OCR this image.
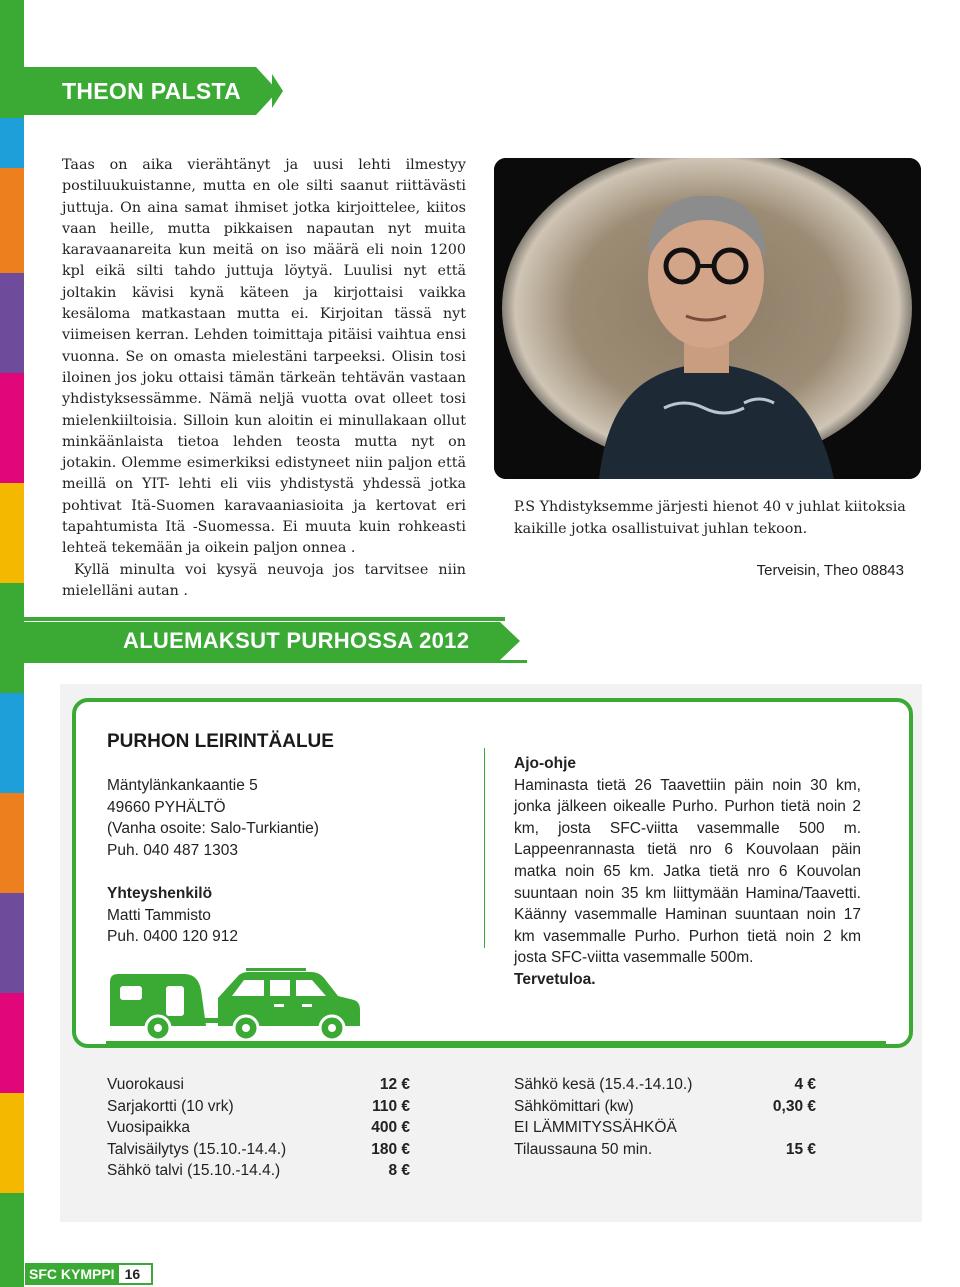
THEON PALSTA

Taas on aika vierähtänyt ja uusi lehti ilmestyy postiluukuistanne, mutta en ole silti saanut riittävästi juttuja. On aina samat ihmiset jotka kirjoittelee, kiitos vaan heille, mutta pikkaisen napautan nyt muita karavaanareita kun meitä on iso määrä eli noin 1200 kpl eikä silti tahdo juttuja löytyä. Luulisi nyt että joltakin kävisi kynä käteen ja kirjottaisi vaikka kesäloma matkastaan mutta ei. Kirjoitan tässä nyt viimeisen kerran. Lehden toimittaja pitäisi vaihtua ensi vuonna. Se on omasta mielestäni tarpeeksi. Olisin tosi iloinen jos joku ottaisi tämän tärkeän tehtävän vastaan yhdistyksessämme. Nämä neljä vuotta ovat olleet tosi mielenkiiltoisia. Silloin kun aloitin ei minullakaan ollut minkäänlaista tietoa lehden teosta mutta nyt on jotakin. Olemme esimerkiksi edistyneet niin paljon että meillä on YIT- lehti eli viis yhdistystä yhdessä jotka pohtivat Itä-Suomen karavaaniasioita ja kertovat eri tapahtumista Itä -Suomessa. Ei muuta kuin rohkeasti lehteä tekemään ja oikein paljon onnea .

Kyllä minulta voi kysyä neuvoja jos tarvitsee niin mielelläni autan .

P.S Yhdistyksemme järjesti hienot 40 v juhlat kiitoksia kaikille jotka osallistuivat juhlan tekoon.
Terveisin, Theo 08843
ALUEMAKSUT PURHOSSA 2012
PURHON LEIRINTÄALUE
Mäntylänkankaantie 5
49660 PYHÄLTÖ
(Vanha osoite: Salo-Turkiantie)
Puh. 040 487 1303
Yhteyshenkilö
Matti Tammisto
Puh. 0400 120 912
Ajo-ohje
Haminasta tietä 26 Taavettiin päin noin 30 km, jonka jälkeen oikealle Purho. Purhon tietä noin 2 km, josta SFC-viitta vasemmalle 500 m. Lappeenrannasta tietä nro 6 Kouvolaan päin matka noin 65 km. Jatka tietä nro 6 Kouvolan suuntaan noin 35 km liittymään Hamina/Taavetti. Käänny vasemmalle Haminan suuntaan noin 17 km vasemmalle Purho. Purhon tietä noin 2 km josta SFC-viitta vasemmalle 500m.
Tervetuloa.
Vuorokausi	12 €
Sarjakortti (10 vrk)	110 €
Vuosipaikka	400 €
Talvisäilytys (15.10.-14.4.)	180 €
Sähkö talvi (15.10.-14.4.)	8 €
Sähkö kesä (15.4.-14.10.)	4 €
Sähkömittari (kw)	0,30 €
EI LÄMMITYSSÄHKÖÄ
Tilaussauna 50 min.	15 €
SFC KYMPPI 16
